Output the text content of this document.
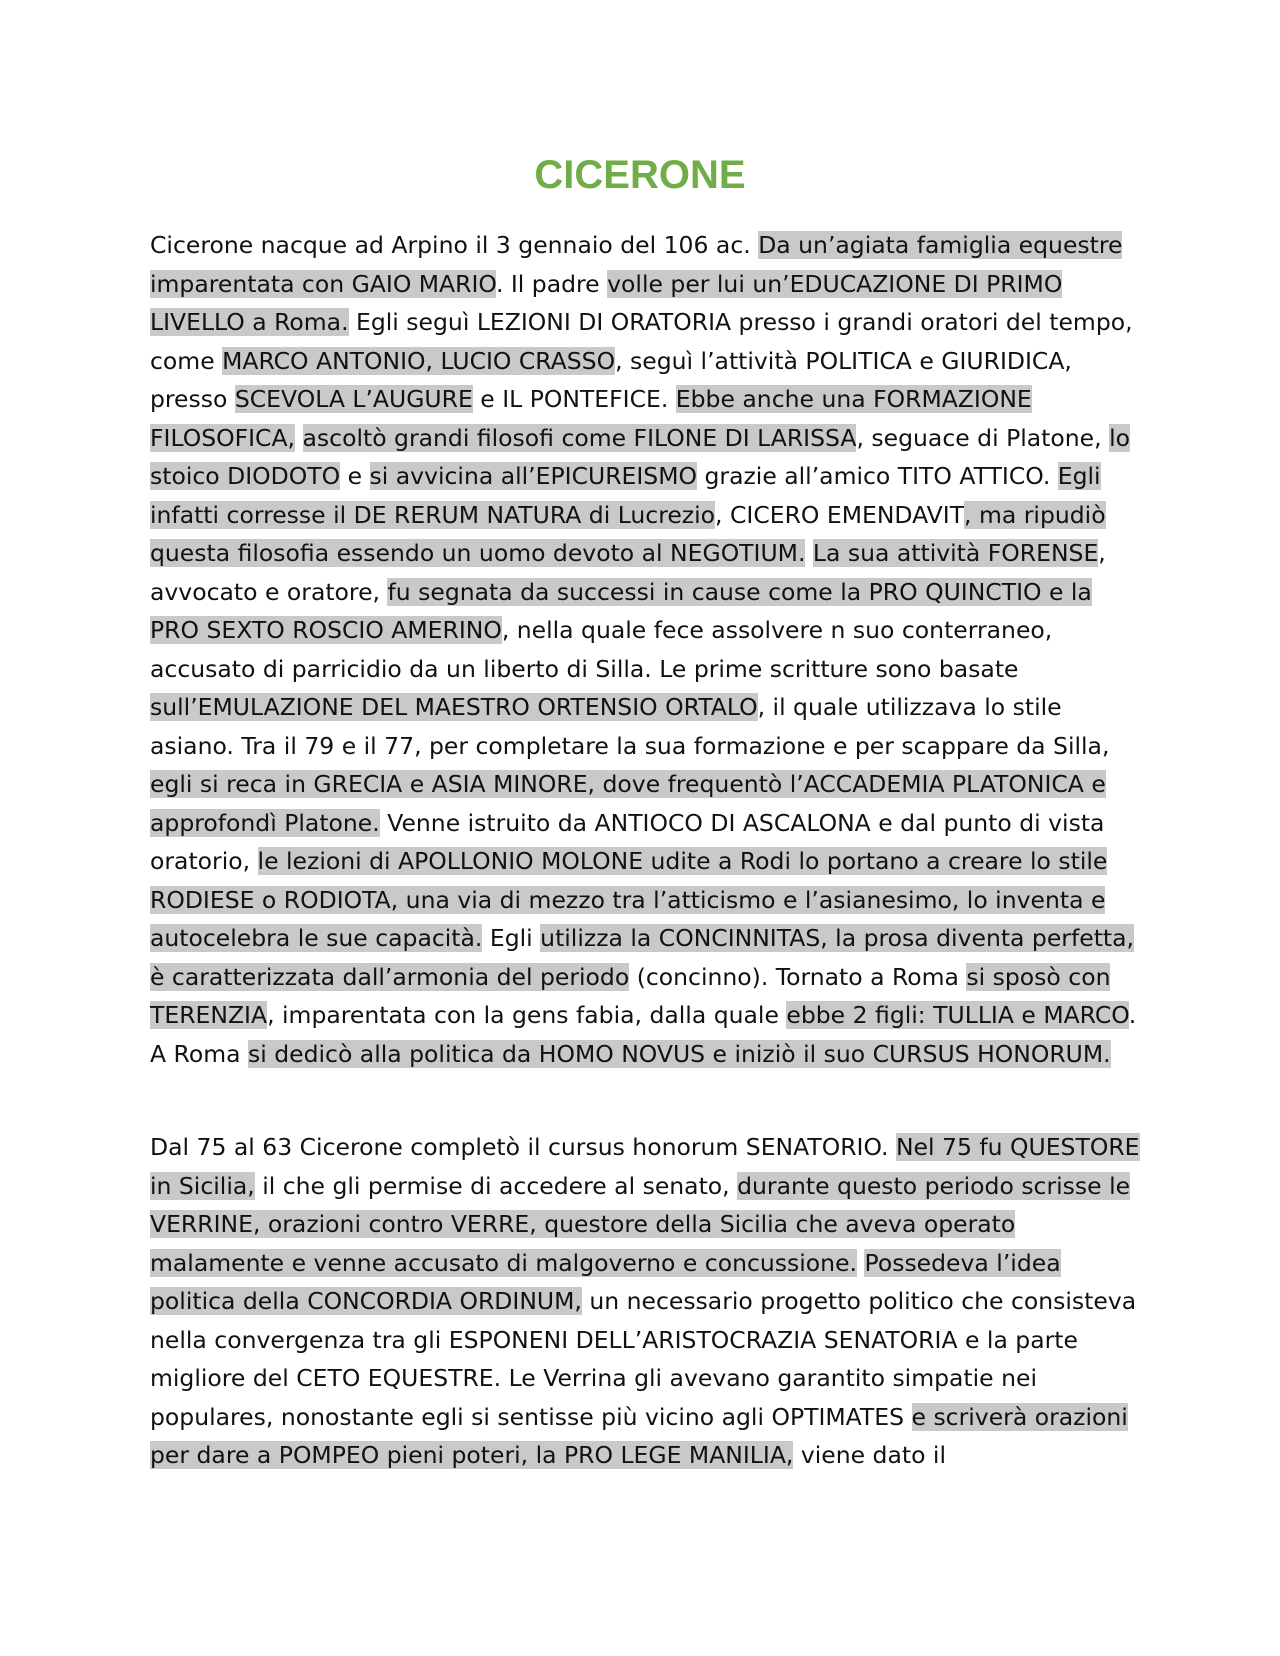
CICERONE

Cicerone nacque ad Arpino il 3 gennaio del 106 ac. Da un’agiata famiglia equestre imparentata con GAIO MARIO. Il padre volle per lui un’EDUCAZIONE DI PRIMO LIVELLO a Roma. Egli seguì LEZIONI DI ORATORIA presso i grandi oratori del tempo, come MARCO ANTONIO, LUCIO CRASSO, seguì l’attività POLITICA e GIURIDICA, presso SCEVOLA L’AUGURE e IL PONTEFICE. Ebbe anche una FORMAZIONE FILOSOFICA, ascoltò grandi filosofi come FILONE DI LARISSA, seguace di Platone, lo stoico DIODOTO e si avvicina all’EPICUREISMO grazie all’amico TITO ATTICO. Egli infatti corresse il DE RERUM NATURA di Lucrezio, CICERO EMENDAVIT, ma ripudiò questa filosofia essendo un uomo devoto al NEGOTIUM. La sua attività FORENSE, avvocato e oratore, fu segnata da successi in cause come la PRO QUINCTIO e la PRO SEXTO ROSCIO AMERINO, nella quale fece assolvere n suo conterraneo, accusato di parricidio da un liberto di Silla. Le prime scritture sono basate sull’EMULAZIONE DEL MAESTRO ORTENSIO ORTALO, il quale utilizzava lo stile asiano. Tra il 79 e il 77, per completare la sua formazione e per scappare da Silla, egli si reca in GRECIA e ASIA MINORE, dove frequentò l’ACCADEMIA PLATONICA e approfondì Platone. Venne istruito da ANTIOCO DI ASCALONA e dal punto di vista oratorio, le lezioni di APOLLONIO MOLONE udite a Rodi lo portano a creare lo stile RODIESE o RODIOTA, una via di mezzo tra l’atticismo e l’asianesimo, lo inventa e autocelebra le sue capacità. Egli utilizza la CONCINNITAS, la prosa diventa perfetta, è caratterizzata dall’armonia del periodo (concinno). Tornato a Roma si sposò con TERENZIA, imparentata con la gens fabia, dalla quale ebbe 2 figli: TULLIA e MARCO. A Roma si dedicò alla politica da HOMO NOVUS e iniziò il suo CURSUS HONORUM.

Dal 75 al 63 Cicerone completò il cursus honorum SENATORIO. Nel 75 fu QUESTORE in Sicilia, il che gli permise di accedere al senato, durante questo periodo scrisse le VERRINE, orazioni contro VERRE, questore della Sicilia che aveva operato malamente e venne accusato di malgoverno e concussione. Possedeva l’idea politica della CONCORDIA ORDINUM, un necessario progetto politico che consisteva nella convergenza tra gli ESPONENI DELL’ARISTOCRAZIA SENATORIA e la parte migliore del CETO EQUESTRE. Le Verrina gli avevano garantito simpatie nei populares, nonostante egli si sentisse più vicino agli OPTIMATES e scriverà orazioni per dare a POMPEO pieni poteri, la PRO LEGE MANILIA, viene dato il
